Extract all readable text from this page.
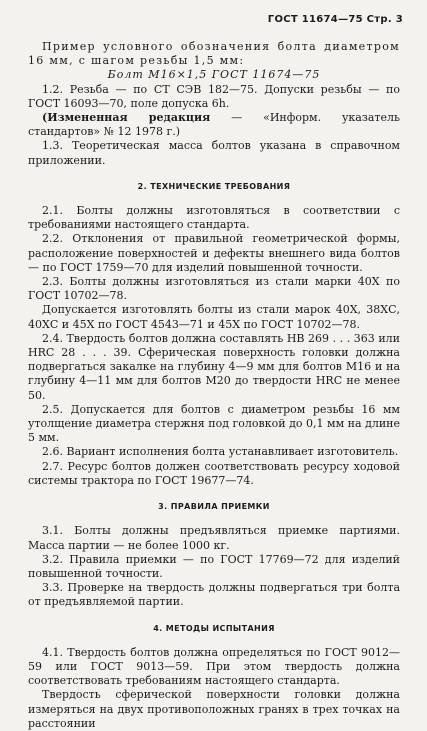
ГОСТ 11674—75 Стр. 3

Пример условного обозначения болта диаметром 16 мм, с шагом резьбы 1,5 мм:

Болт М16×1,5 ГОСТ 11674—75

1.2. Резьба — по СТ СЭВ 182—75. Допуски резьбы — по ГОСТ 16093—70, поле допуска 6h.

(Измененная редакция — «Информ. указатель стандартов» № 12 1978 г.)

1.3. Теоретическая масса болтов указана в справочном приложении.

2. ТЕХНИЧЕСКИЕ ТРЕБОВАНИЯ

2.1. Болты должны изготовляться в соответствии с требованиями настоящего стандарта.

2.2. Отклонения от правильной геометрической формы, расположение поверхностей и дефекты внешнего вида болтов — по ГОСТ 1759—70 для изделий повышенной точности.

2.3. Болты должны изготовляться из стали марки 40Х по ГОСТ 10702—78.

Допускается изготовлять болты из стали марок 40Х, 38ХС, 40ХС и 45Х по ГОСТ 4543—71 и 45Х по ГОСТ 10702—78.

2.4. Твердость болтов должна составлять НВ 269 . . . 363 или HRC 28 . . . 39. Сферическая поверхность головки должна подвергаться закалке на глубину 4—9 мм для болтов М16 и на глубину 4—11 мм для болтов М20 до твердости HRC не менее 50.

2.5. Допускается для болтов с диаметром резьбы 16 мм утолщение диаметра стержня под головкой до 0,1 мм на длине 5 мм.

2.6. Вариант исполнения болта устанавливает изготовитель.

2.7. Ресурс болтов должен соответствовать ресурсу ходовой системы трактора по ГОСТ 19677—74.

3. ПРАВИЛА ПРИЕМКИ

3.1. Болты должны предъявляться приемке партиями. Масса партии — не более 1000 кг.

3.2. Правила приемки — по ГОСТ 17769—72 для изделий повышенной точности.

3.3. Проверке на твердость должны подвергаться три болта от предъявляемой партии.

4. МЕТОДЫ ИСПЫТАНИЯ

4.1. Твердость болтов должна определяться по ГОСТ 9012—59 или ГОСТ 9013—59. При этом твердость должна соответствовать требованиям настоящего стандарта.

Твердость сферической поверхности головки должна измеряться на двух противоположных гранях в трех точках на расстоянии
